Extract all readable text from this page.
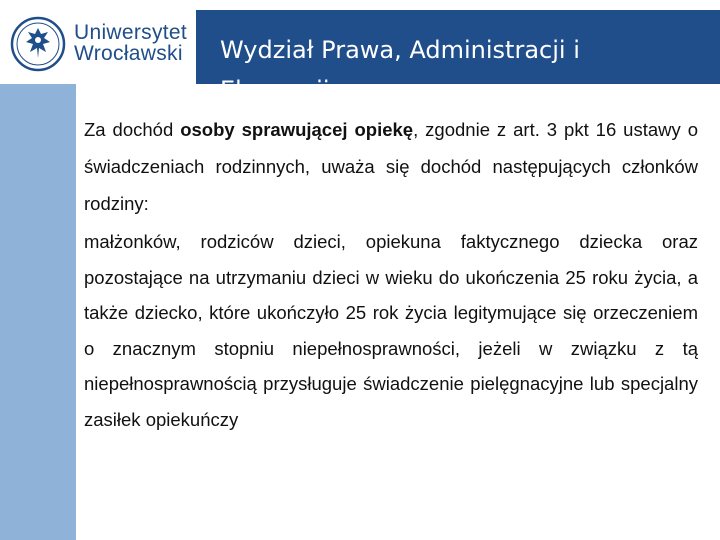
Uniwersytet
Wrocławski Wydział Prawa, Administracji i Ekonomii

Za dochód osoby sprawującej opiekę, zgodnie z art. 3 pkt 16 ustawy o świadczeniach rodzinnych, uważa się dochód następujących członków rodziny:

małżonków, rodziców dzieci, opiekuna faktycznego dziecka oraz pozostające na utrzymaniu dzieci w wieku do ukończenia 25 roku życia, a także dziecko, które ukończyło 25 rok życia legitymujące się orzeczeniem o znacznym stopniu niepełnosprawności, jeżeli w związku z tą niepełnosprawnością przysługuje świadczenie pielęgnacyjne lub specjalny zasiłek opiekuńczy
